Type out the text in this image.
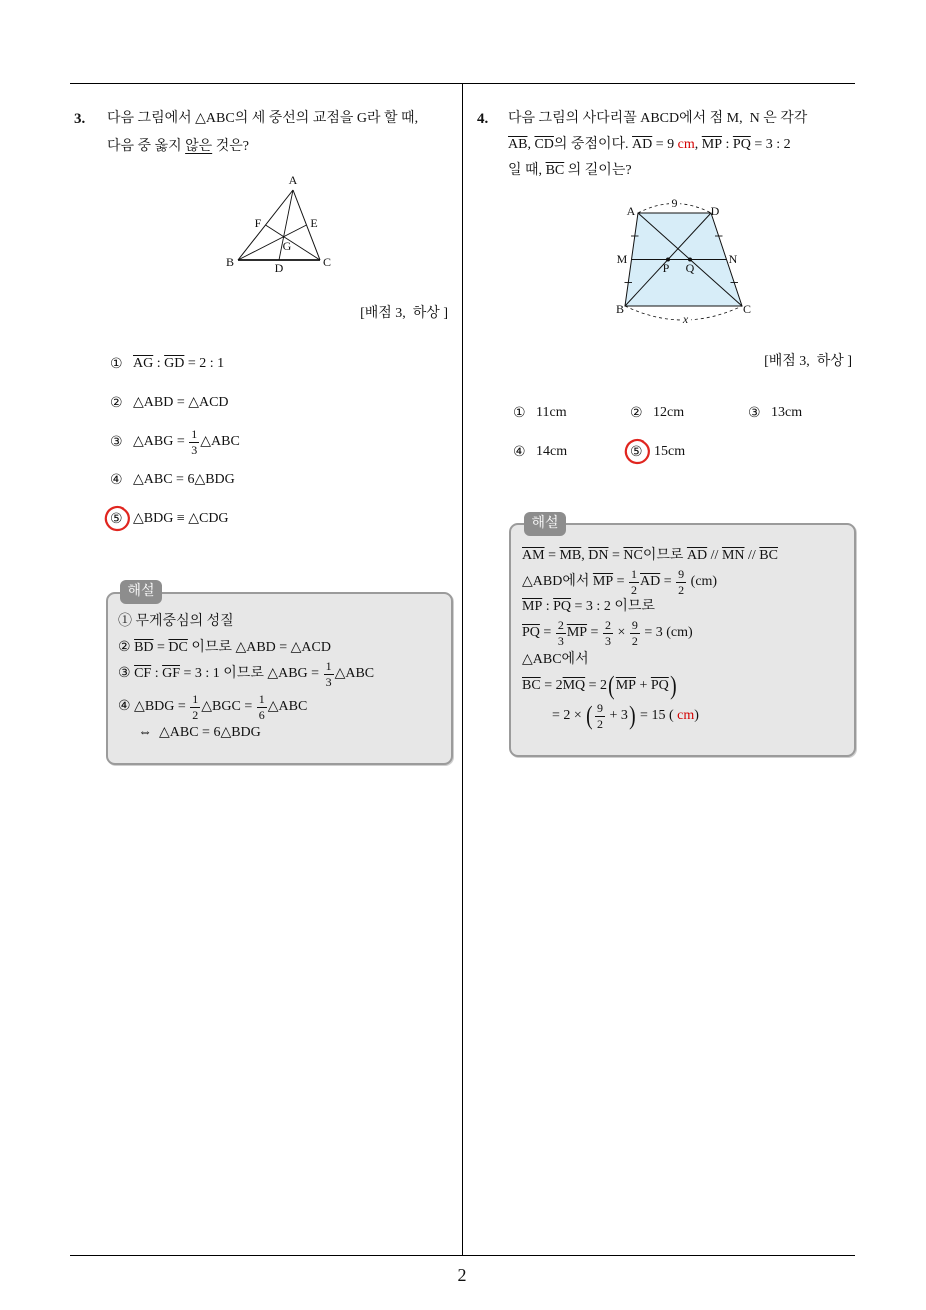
2
3. 다음 그림에서 △ABC의 세 중선의 교점을 G라 할 때,
다음 중 옳지 않은 것은?
A
B	C
D
E
F
G
[배점 3,  하상 ]
① $\overline{AG}$ : $\overline{GD} = 2$ : 1
② △ABD = △ACD
③ △ABG = $\frac{1}{3}$ △ABC
④ △ABC = 6△BDG
⑤ △BDG ≡ △CDG
해설
① 무게중심의 성질
② $\overline{BD} = \overline{DC}$ 이므로 △ABD = △ACD
③ $\overline{CF}$ : $\overline{GF} = 3$ : 1 이므로 △ABG = $\frac{1}{3}$ △ABC
④ △BDG = $\frac{1}{2}$ △BGC = $\frac{1}{6}$ △ABC
⇔  △ABC = 6△BDG
4. 다음 그림의 사다리꼴 ABCD에서 점 M,  N 은 각각
$\overline{AB}$ , $\overline{CD}$ 의 중점이다. $\overline{AD} = 9$ cm , $\overline{MP}$ : $\overline{PQ} = 3$ : 2
일 때, $\overline{BC}$ 의 길이는?
9
x
A	D
B	C
M	N
P Q
[배점 3,  하상 ]
① 11cm	② 12cm	③ 13cm
④ 14cm	⑤ 15cm
해설
$\overline{AM} = \overline{MB}$ , $\overline{DN} = \overline{NC}$ 이므로 $\overline{AD} // \overline{MN} // \overline{BC}$
△ABD에서 $\overline{MP} = \frac{1}{2} \overline{AD} = \frac{9}{2} (cm)$
$\overline{MP}$ : $\overline{PQ} = 3$ : 2 이므로
$\overline{PQ} = \frac{2}{3} \overline{MP} = \frac{2}{3} \times \frac{9}{2} = 3$ (cm)
△ABC에서
$\overline{BC} = 2$ $\overline{MQ} = 2$ ( $\overline{MP} + \overline{PQ}$ )
= 2 × ( $\frac{9}{2} + 3$ ) = 15 ( cm )
